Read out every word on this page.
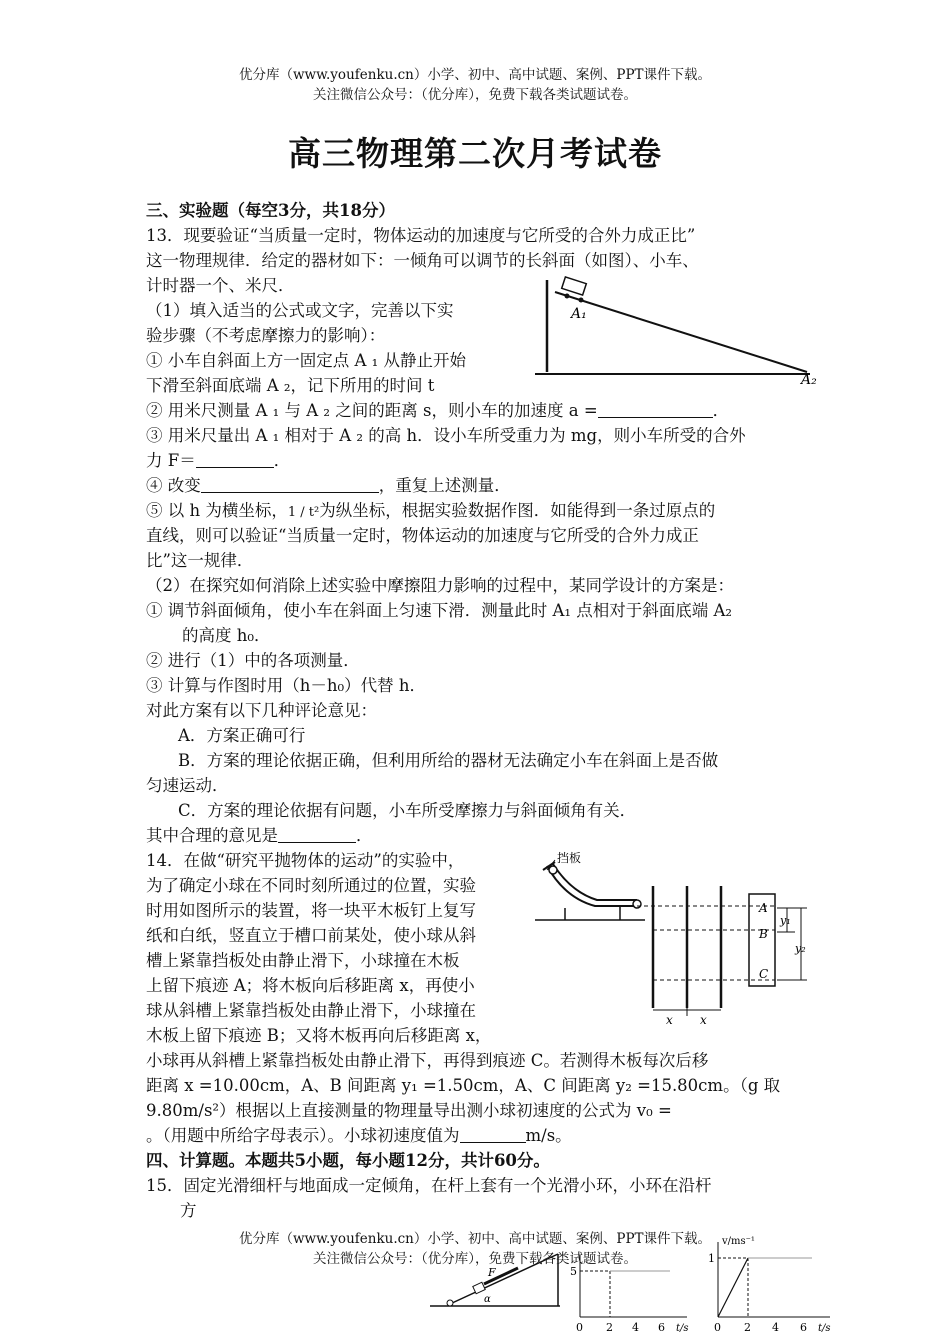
优分库（www.youfenku.cn）小学、初中、高中试题、案例、PPT课件下载。
关注微信公众号：（优分库），免费下载各类试题试卷。
高三物理第二次月考试卷
三、实验题（每空3分，共18分）
13．现要验证“当质量一定时，物体运动的加速度与它所受的合外力成正比”
这一物理规律．给定的器材如下：一倾角可以调节的长斜面（如图）、小车、
计时器一个、米尺．
（1）填入适当的公式或文字，完善以下实
验步骤（不考虑摩擦力的影响）：
① 小车自斜面上方一固定点 A ₁ 从静止开始
下滑至斜面底端 A ₂，记下所用的时间 t
② 用米尺测量 A ₁ 与 A ₂ 之间的距离 s，则小车的加速度 a =	．
③ 用米尺量出 A ₁ 相对于 A ₂ 的高 h．设小车所受重力为 mg，则小车所受的合外
力 F＝	．
④ 改变	，重复上述测量．
⑤ 以 h 为横坐标，1 / t²为纵坐标，根据实验数据作图．如能得到一条过原点的
直线，则可以验证“当质量一定时，物体运动的加速度与它所受的合外力成正
比”这一规律．
（2）在探究如何消除上述实验中摩擦阻力影响的过程中，某同学设计的方案是：
① 调节斜面倾角，使小车在斜面上匀速下滑．测量此时 A₁ 点相对于斜面底端 A₂
的高度 h₀．
② 进行（1）中的各项测量．
③ 计算与作图时用（h－h₀）代替 h．
对此方案有以下几种评论意见：
A．方案正确可行
B．方案的理论依据正确，但利用所给的器材无法确定小车在斜面上是否做
匀速运动．
C．方案的理论依据有问题，小车所受摩擦力与斜面倾角有关．
其中合理的意见是	．
A₁
A₂
14．在做“研究平抛物体的运动”的实验中，
为了确定小球在不同时刻所通过的位置，实验
时用如图所示的装置，将一块平木板钉上复写
纸和白纸，竖直立于槽口前某处，使小球从斜
槽上紧靠挡板处由静止滑下，小球撞在木板
上留下痕迹 A；将木板向后移距离 x，再使小
球从斜槽上紧靠挡板处由静止滑下，小球撞在
木板上留下痕迹 B；又将木板再向后移距离 x，
小球再从斜槽上紧靠挡板处由静止滑下，再得到痕迹 C。若测得木板每次后移
距离 x =10.00cm，A、B 间距离 y₁ =1.50cm，A、C 间距离 y₂ =15.80cm。（g 取
9.80m/s²）根据以上直接测量的物理量导出测小球初速度的公式为 v₀ =
。（用题中所给字母表示）。小球初速度值为	m/s。
挡板
A
B
C
y₁
y₂
x x
四、计算题。本题共5小题，每小题12分，共计60分。
15．固定光滑细杆与地面成一定倾角，在杆上套有一个光滑小环，小环在沿杆
方
优分库（www.youfenku.cn）小学、初中、高中试题、案例、PPT课件下载。
关注微信公众号：（优分库），免费下载各类试题试卷。
F
α
5
0 2 4 6 t/s
v/ms⁻¹
1
0 2 4 6 t/s
